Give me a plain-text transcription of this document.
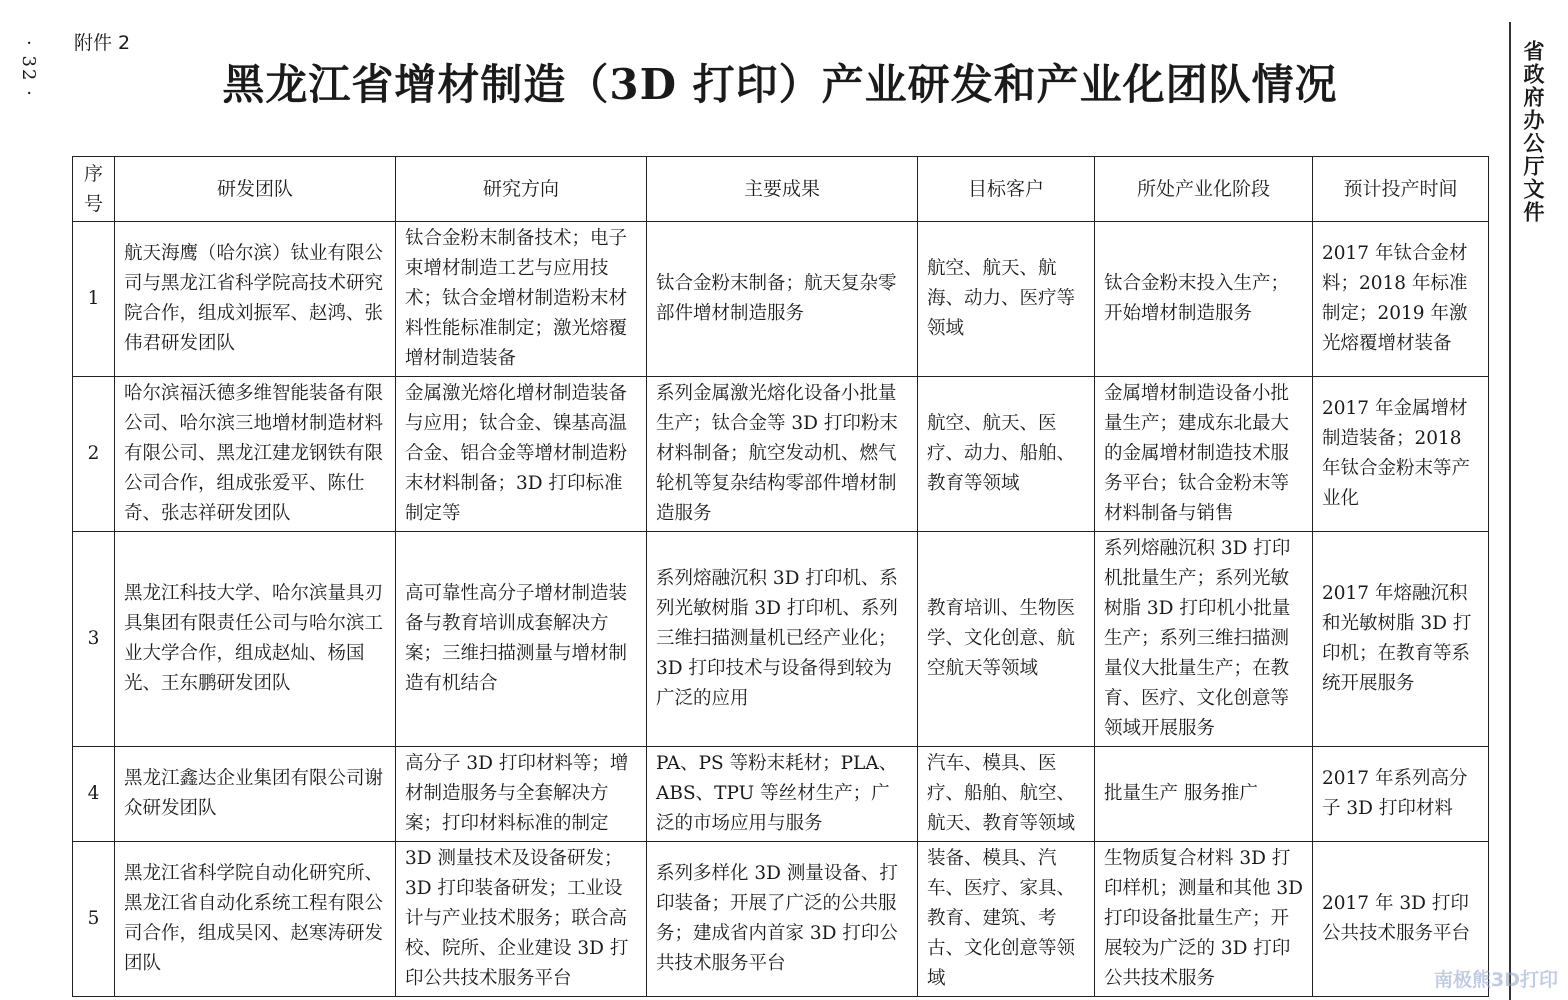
· 32 · 附件 2
黑龙江省增材制造（3D 打印）产业研发和产业化团队情况	省政府办公厅文件
序号	研发团队	研究方向	主要成果	目标客户	所处产业化阶段	预计投产时间
1	航天海鹰（哈尔滨）钛业有限公司与黑龙江省科学院高技术研究院合作，组成刘振军、赵鸿、张伟君研发团队	钛合金粉末制备技术；电子束增材制造工艺与应用技术；钛合金增材制造粉末材料性能标准制定；激光熔覆增材制造装备	钛合金粉末制备；航天复杂零部件增材制造服务	航空、航天、航海、动力、医疗等领域	钛合金粉末投入生产；开始增材制造服务	2017 年钛合金材料；2018 年标准制定；2019 年激光熔覆增材装备
2	哈尔滨福沃德多维智能装备有限公司、哈尔滨三地增材制造材料有限公司、黑龙江建龙钢铁有限公司合作，组成张爱平、陈仕奇、张志祥研发团队	金属激光熔化增材制造装备与应用；钛合金、镍基高温合金、铝合金等增材制造粉末材料制备；3D 打印标准制定等	系列金属激光熔化设备小批量生产；钛合金等 3D 打印粉末材料制备；航空发动机、燃气轮机等复杂结构零部件增材制造服务	航空、航天、医疗、动力、船舶、教育等领域	金属增材制造设备小批量生产；建成东北最大的金属增材制造技术服务平台；钛合金粉末等材料制备与销售	2017 年金属增材制造装备；2018 年钛合金粉末等产业化
3	黑龙江科技大学、哈尔滨量具刃具集团有限责任公司与哈尔滨工业大学合作，组成赵灿、杨国光、王东鹏研发团队	高可靠性高分子增材制造装备与教育培训成套解决方案；三维扫描测量与增材制造有机结合	系列熔融沉积 3D 打印机、系列光敏树脂 3D 打印机、系列三维扫描测量机已经产业化；3D 打印技术与设备得到较为广泛的应用	教育培训、生物医学、文化创意、航空航天等领域	系列熔融沉积 3D 打印机批量生产；系列光敏树脂 3D 打印机小批量生产；系列三维扫描测量仪大批量生产；在教育、医疗、文化创意等领域开展服务	2017 年熔融沉积和光敏树脂 3D 打印机；在教育等系统开展服务
4	黑龙江鑫达企业集团有限公司谢众研发团队	高分子 3D 打印材料等；增材制造服务与全套解决方案；打印材料标准的制定	PA、PS 等粉末耗材；PLA、ABS、TPU 等丝材生产；广泛的市场应用与服务	汽车、模具、医疗、船舶、航空、航天、教育等领域	批量生产 服务推广	2017 年系列高分子 3D 打印材料
5	黑龙江省科学院自动化研究所、黑龙江省自动化系统工程有限公司合作，组成吴冈、赵寒涛研发团队	3D 测量技术及设备研发；3D 打印装备研发；工业设计与产业技术服务；联合高校、院所、企业建设 3D 打印公共技术服务平台	系列多样化 3D 测量设备、打印装备；开展了广泛的公共服务；建成省内首家 3D 打印公共技术服务平台	装备、模具、汽车、医疗、家具、教育、建筑、考古、文化创意等领域	生物质复合材料 3D 打印样机；测量和其他 3D 打印设备批量生产；开展较为广泛的 3D 打印公共技术服务	2017 年 3D 打印公共技术服务平台
南极熊3D打印
